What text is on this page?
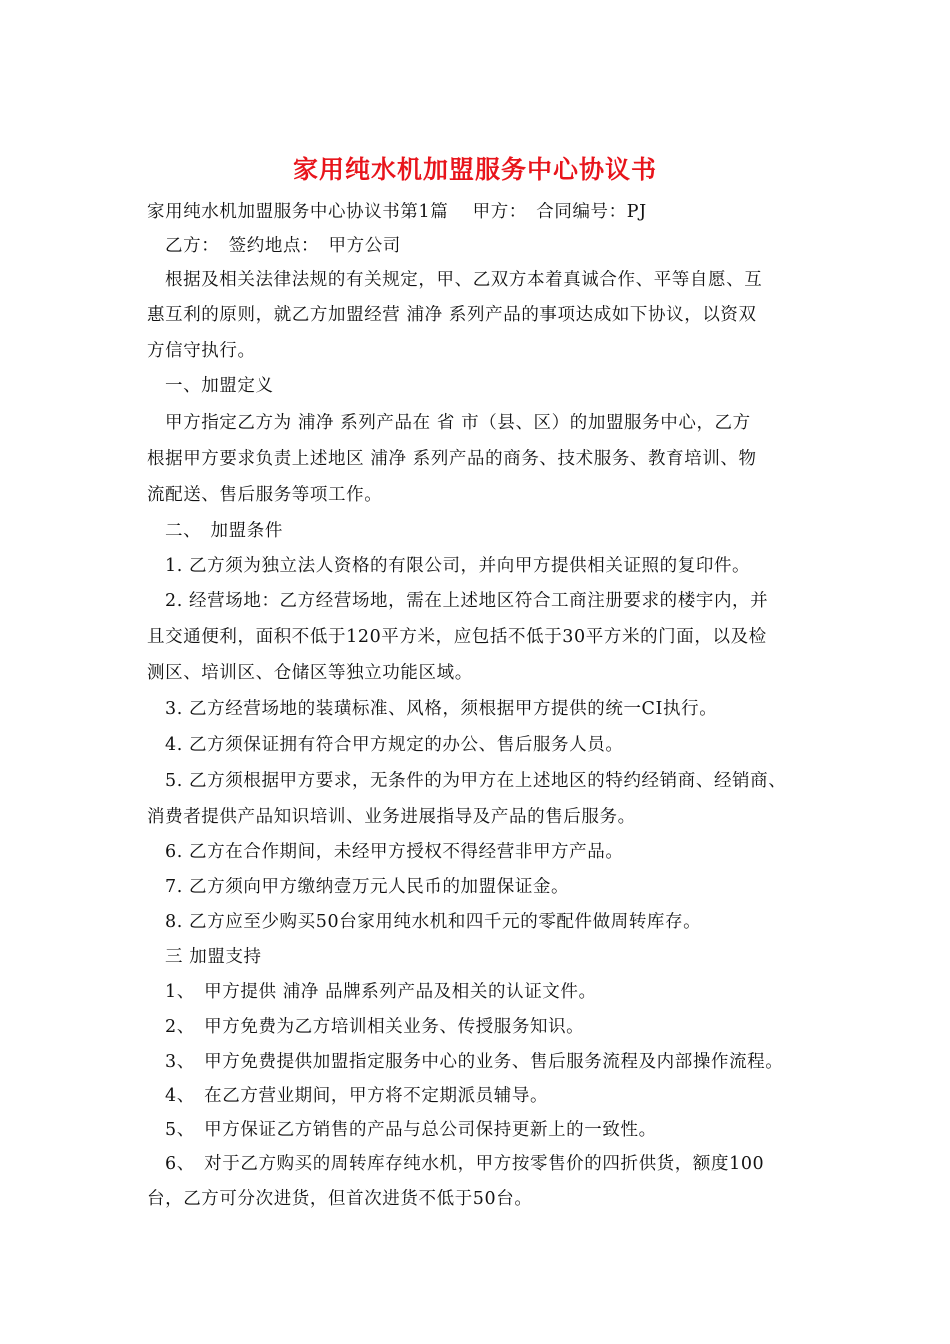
家用纯水机加盟服务中心协议书
家用纯水机加盟服务中心协议书第1篇　 甲方：　合同编号：PJ
乙方：　签约地点：　甲方公司
根据及相关法律法规的有关规定，甲、乙双方本着真诚合作、平等自愿、互
惠互利的原则，就乙方加盟经营 浦净 系列产品的事项达成如下协议，以资双
方信守执行。
一、加盟定义
甲方指定乙方为 浦净 系列产品在 省 市（县、区）的加盟服务中心，乙方
根据甲方要求负责上述地区 浦净 系列产品的商务、技术服务、教育培训、物
流配送、售后服务等项工作。
二、　加盟条件
1. 乙方须为独立法人资格的有限公司，并向甲方提供相关证照的复印件。
2. 经营场地：乙方经营场地，需在上述地区符合工商注册要求的楼宇内，并
且交通便利，面积不低于120平方米，应包括不低于30平方米的门面，以及检
测区、培训区、仓储区等独立功能区域。
3. 乙方经营场地的装璜标准、风格，须根据甲方提供的统一CI执行。
4. 乙方须保证拥有符合甲方规定的办公、售后服务人员。
5. 乙方须根据甲方要求，无条件的为甲方在上述地区的特约经销商、经销商、
消费者提供产品知识培训、业务进展指导及产品的售后服务。
6. 乙方在合作期间，未经甲方授权不得经营非甲方产品。
7. 乙方须向甲方缴纳壹万元人民币的加盟保证金。
8. 乙方应至少购买50台家用纯水机和四千元的零配件做周转库存。
三 加盟支持
1、　甲方提供 浦净 品牌系列产品及相关的认证文件。
2、　甲方免费为乙方培训相关业务、传授服务知识。
3、　甲方免费提供加盟指定服务中心的业务、售后服务流程及内部操作流程。
4、　在乙方营业期间，甲方将不定期派员辅导。
5、　甲方保证乙方销售的产品与总公司保持更新上的一致性。
6、　对于乙方购买的周转库存纯水机，甲方按零售价的四折供货，额度100
台，乙方可分次进货，但首次进货不低于50台。
